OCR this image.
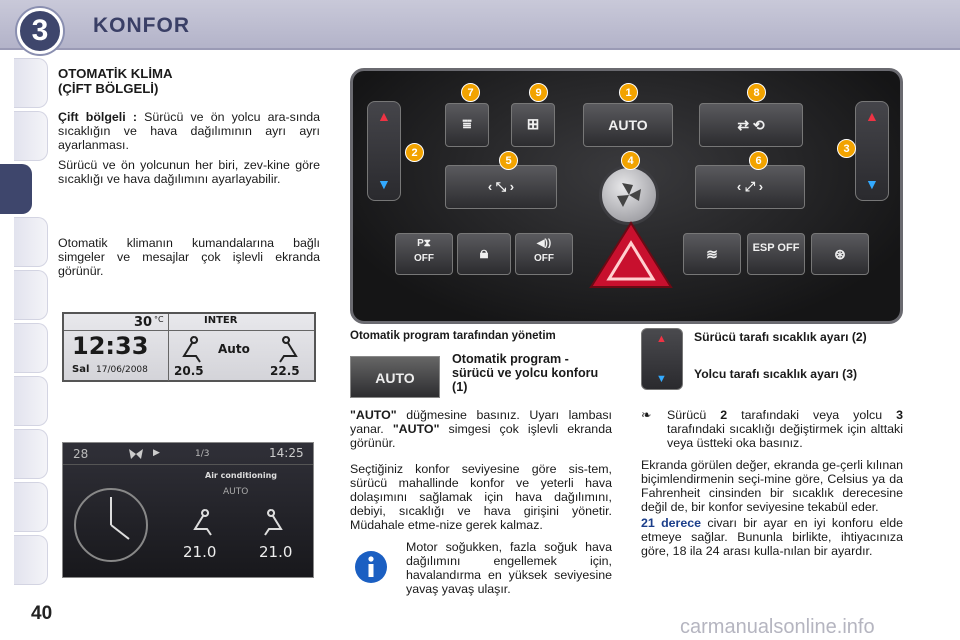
3	KONFOR
OTOMATİK KLİMA
(ÇİFT BÖLGELİ)

Çift bölgeli : Sürücü ve ön yolcu ara-sında sıcaklığın ve hava dağılımının ayrı ayrı ayarlanması.

Sürücü ve ön yolcunun her biri, zev-kine göre sıcaklığı ve hava dağılımını ayarlayabilir.

Otomatik klimanın kumandalarına bağlı simgeler ve mesajlar çok işlevli ekranda görünür.

30 °C	INTER
12:33
Sal 17/06/2008
Auto
20.5	22.5
28	▶	1/3	14:25
Air conditioning
AUTO
21.0	21.0
▲
▼
▲
▼
⩸	⊞	AUTO	⇄ ⟲
‹ ⤡ ›	‹ ⤢ ›
P⧗
OFF	🔒︎
◀))
OFF	≋	ESP OFF	⊛
7	9	1	8
2
5	4	6
3
Otomatik program tarafından yönetim
AUTO
Otomatik program - sürücü ve yolcu konforu (1)
▲
▼
Sürücü tarafı sıcaklık ayarı (2)
Yolcu tarafı sıcaklık ayarı (3)

"AUTO" düğmesine basınız. Uyarı lambası yanar. "AUTO" simgesi çok işlevli ekranda görünür.

Seçtiğiniz konfor seviyesine göre sis-tem, sürücü mahallinde konfor ve yeterli hava dolaşımını sağlamak için hava dağılımını, debiyi, sıcaklığı ve hava girişini yönetir. Müdahale etme-nize gerek kalmaz.

Motor soğukken, fazla soğuk hava dağılımını engellemek için, havalandırma en yüksek seviyesine yavaş yavaş ulaşır.

❧ Sürücü 2 tarafındaki veya yolcu 3 tarafındaki sıcaklığı değiştirmek için alttaki veya üstteki oka basınız.

Ekranda görülen değer, ekranda ge-çerli kılınan biçimlendirmenin seçi-mine göre, Celsius ya da Fahrenheit cinsinden bir sıcaklık derecesine değil de, bir konfor seviyesine tekabül eder.

21 derece civarı bir ayar en iyi konforu elde etmeye sağlar. Bununla birlikte, ihtiyacınıza göre, 18 ila 24 arası kulla-nılan bir ayardır.

40
carmanualsonline.info
